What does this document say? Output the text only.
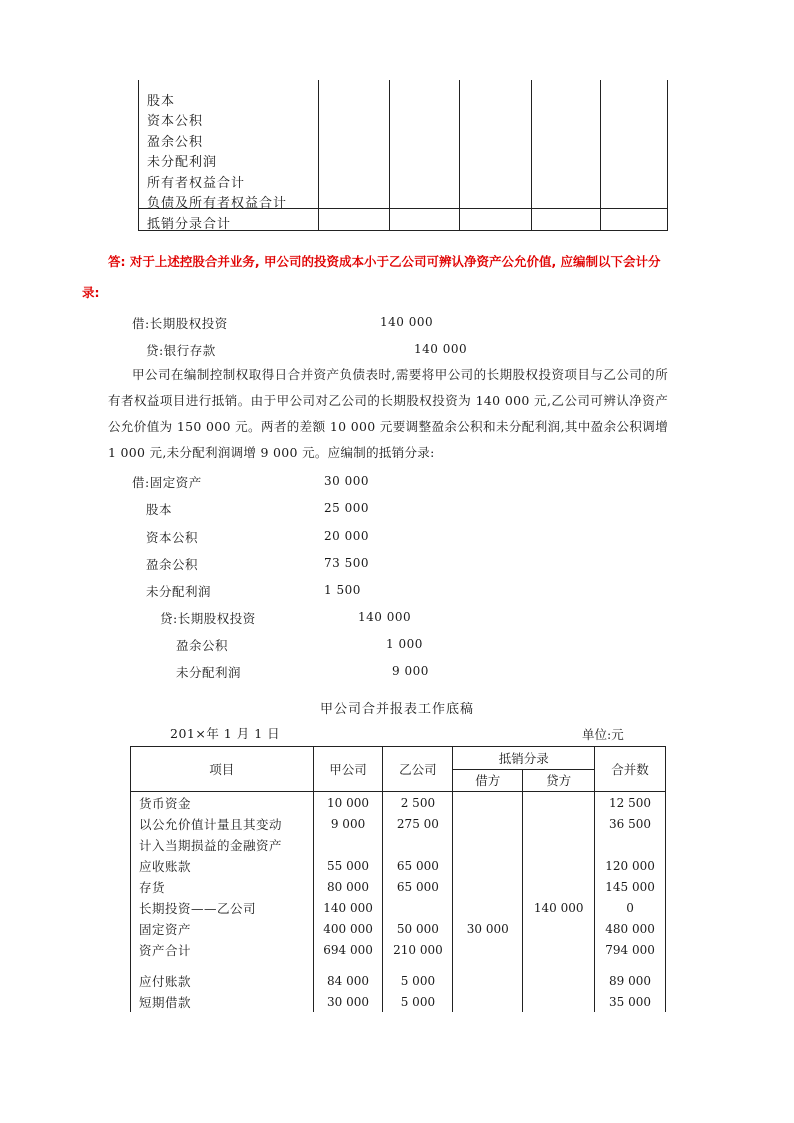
股本
资本公积
盈余公积
未分配利润
所有者权益合计
负债及所有者权益合计
抵销分录合计
答: 对于上述控股合并业务, 甲公司的投资成本小于乙公司可辨认净资产公允价值, 应编制以下会计分
录:
借:长期股权投资	140 000
贷:银行存款	140 000
甲公司在编制控制权取得日合并资产负债表时,需要将甲公司的长期股权投资项目与乙公司的所有者权益项目进行抵销。由于甲公司对乙公司的长期股权投资为 140 000 元,乙公司可辨认净资产公允价值为 150 000 元。两者的差额 10 000 元要调整盈余公积和未分配利润,其中盈余公积调增 1 000 元,未分配利润调增 9 000 元。应编制的抵销分录:
借:固定资产	30 000
股本	25 000
资本公积	20 000
盈余公积	73 500
未分配利润	1 500
贷:长期股权投资	140 000
盈余公积	1 000
未分配利润	9 000
甲公司合并报表工作底稿
201×年 1 月 1 日	单位:元
项目	甲公司	乙公司	抵销分录		合并数
			借方	贷方	
货币资金	10 000	2 500			12 500
以公允价值计量且其变动	9 000	275 00			36 500
计入当期损益的金融资产					
应收账款	55 000	65 000			120 000
存货	80 000	65 000			145 000
长期投资——乙公司	140 000			140 000	0
固定资产	400 000	50 000	30 000		480 000
资产合计	694 000	210 000			794 000

应付账款	84 000	5 000			89 000
短期借款	30 000	5 000			35 000
